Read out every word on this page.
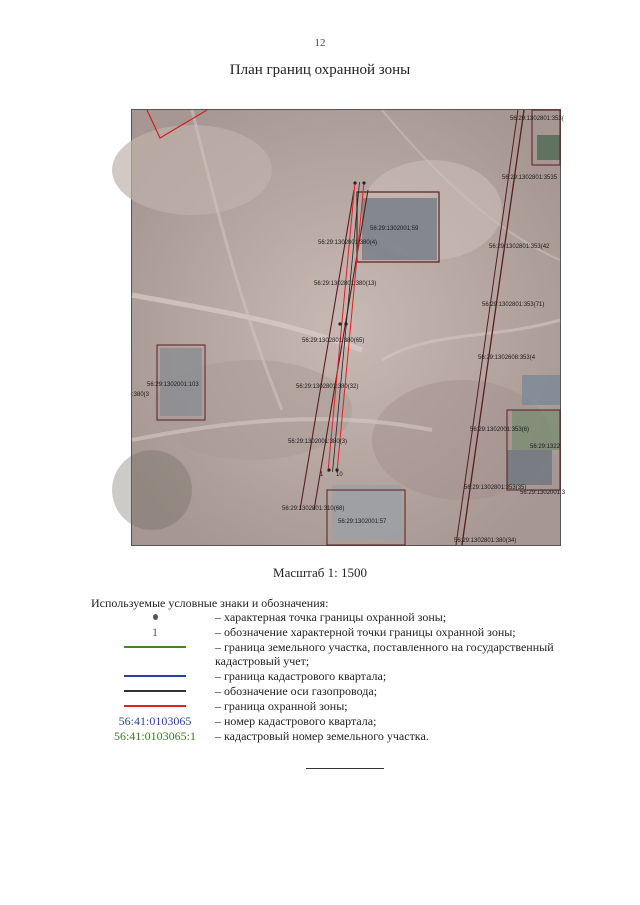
12
План границ охранной зоны
1 10
56:29:1302801:353(
56:29:1302801:3535
56:29:1302001:59
56:29:1302801:380(4)
56:29:1302801:353(42
56:29:1302801:380(13)
56:29:1302801:353(71)
56:29:1302801:380(65)
56:29:1302608:353(4
56:29:1302001:103
:380(3
56:29:1302801:380(32)
56:29:1302001:353(6)
56:29:1302001:380(3)
56:29:1322
56:29:1302801:353(35)
56:29:1302001:3
56:29:1302801:310(68)
56:29:1302001:57
56:29:1302801:380(34)
Масштаб 1: 1500
Используемые условные знаки и обозначения:
– характерная точка границы охранной зоны;
1	– обозначение характерной точки границы охранной зоны;
– граница земельного участка, поставленного на государственный кадастровый учет;
– граница кадастрового квартала;
– обозначение оси газопровода;
– граница охранной зоны;
56:41:0103065	– номер кадастрового квартала;
56:41:0103065:1	– кадастровый номер земельного участка.
